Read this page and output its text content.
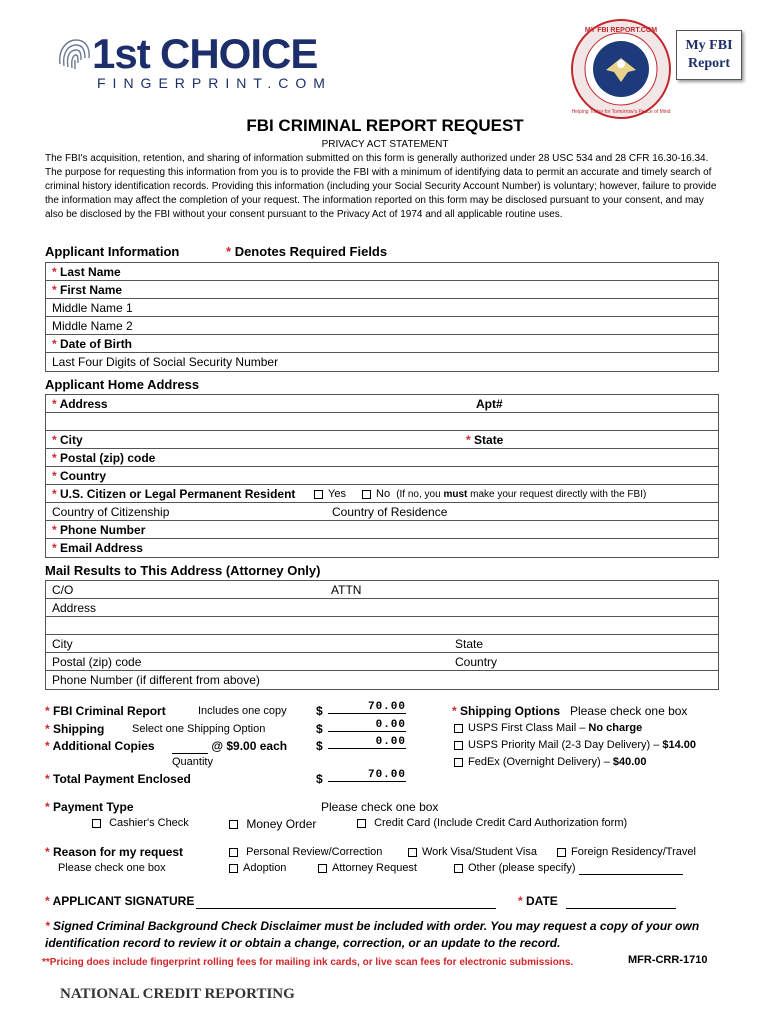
1st CHOICE
FINGERPRINT.COM
MY FBI REPORT.COM
Helping Today for Tomorrow's Peace of Mind
My FBI
Report
FBI CRIMINAL REPORT REQUEST
PRIVACY ACT STATEMENT
The FBI's acquisition, retention, and sharing of information submitted on this form is generally authorized under 28 USC 534 and 28 CFR 16.30-16.34. The purpose for requesting this information from you is to provide the FBI with a minimum of identifying data to permit an accurate and timely search of criminal history identification records. Providing this information (including your Social Security Account Number) is voluntary; however, failure to provide the information may affect the completion of your request. The information reported on this form may be disclosed pursuant to your consent, and may also be disclosed by the FBI without your consent pursuant to the Privacy Act of 1974 and all applicable routine uses.
Applicant Information	* Denotes Required Fields
* Last Name
* First Name
Middle Name 1
Middle Name 2
* Date of Birth
Last Four Digits of Social Security Number
Applicant Home Address
* Address	Apt#
* City	* State
* Postal (zip) code
* Country
* U.S. Citizen or Legal Permanent Resident	Yes	No (If no, you must make your request directly with the FBI)
Country of Citizenship	Country of Residence
* Phone Number
* Email Address
Mail Results to This Address (Attorney Only)
C/O	ATTN
Address
City	State
Postal (zip) code	Country
Phone Number (if different from above)
* FBI Criminal Report	Includes one copy $	70.00
* Shipping	Select one Shipping Option	$	0.00
* Additional Copies	@ $9.00 each $	0.00
Quantity
* Total Payment Enclosed	$	70.00
* Shipping Options Please check one box
USPS First Class Mail – No charge
USPS Priority Mail (2-3 Day Delivery) – $14.00
FedEx (Overnight Delivery) – $40.00
* Payment Type	Please check one box
Cashier's Check	Money Order	Credit Card (Include Credit Card Authorization form)
* Reason for my request
Please check one box
Personal Review/Correction	Work Visa/Student Visa	Foreign Residency/Travel
Adoption	Attorney Request	Other (please specify)
* APPLICANT SIGNATURE	* DATE
* Signed Criminal Background Check Disclaimer must be included with order. You may request a copy of your own identification record to review it or obtain a change, correction, or an update to the record.
**Pricing does include fingerprint rolling fees for mailing ink cards, or live scan fees for electronic submissions.	MFR-CRR-1710
NATIONAL CREDIT REPORTING
